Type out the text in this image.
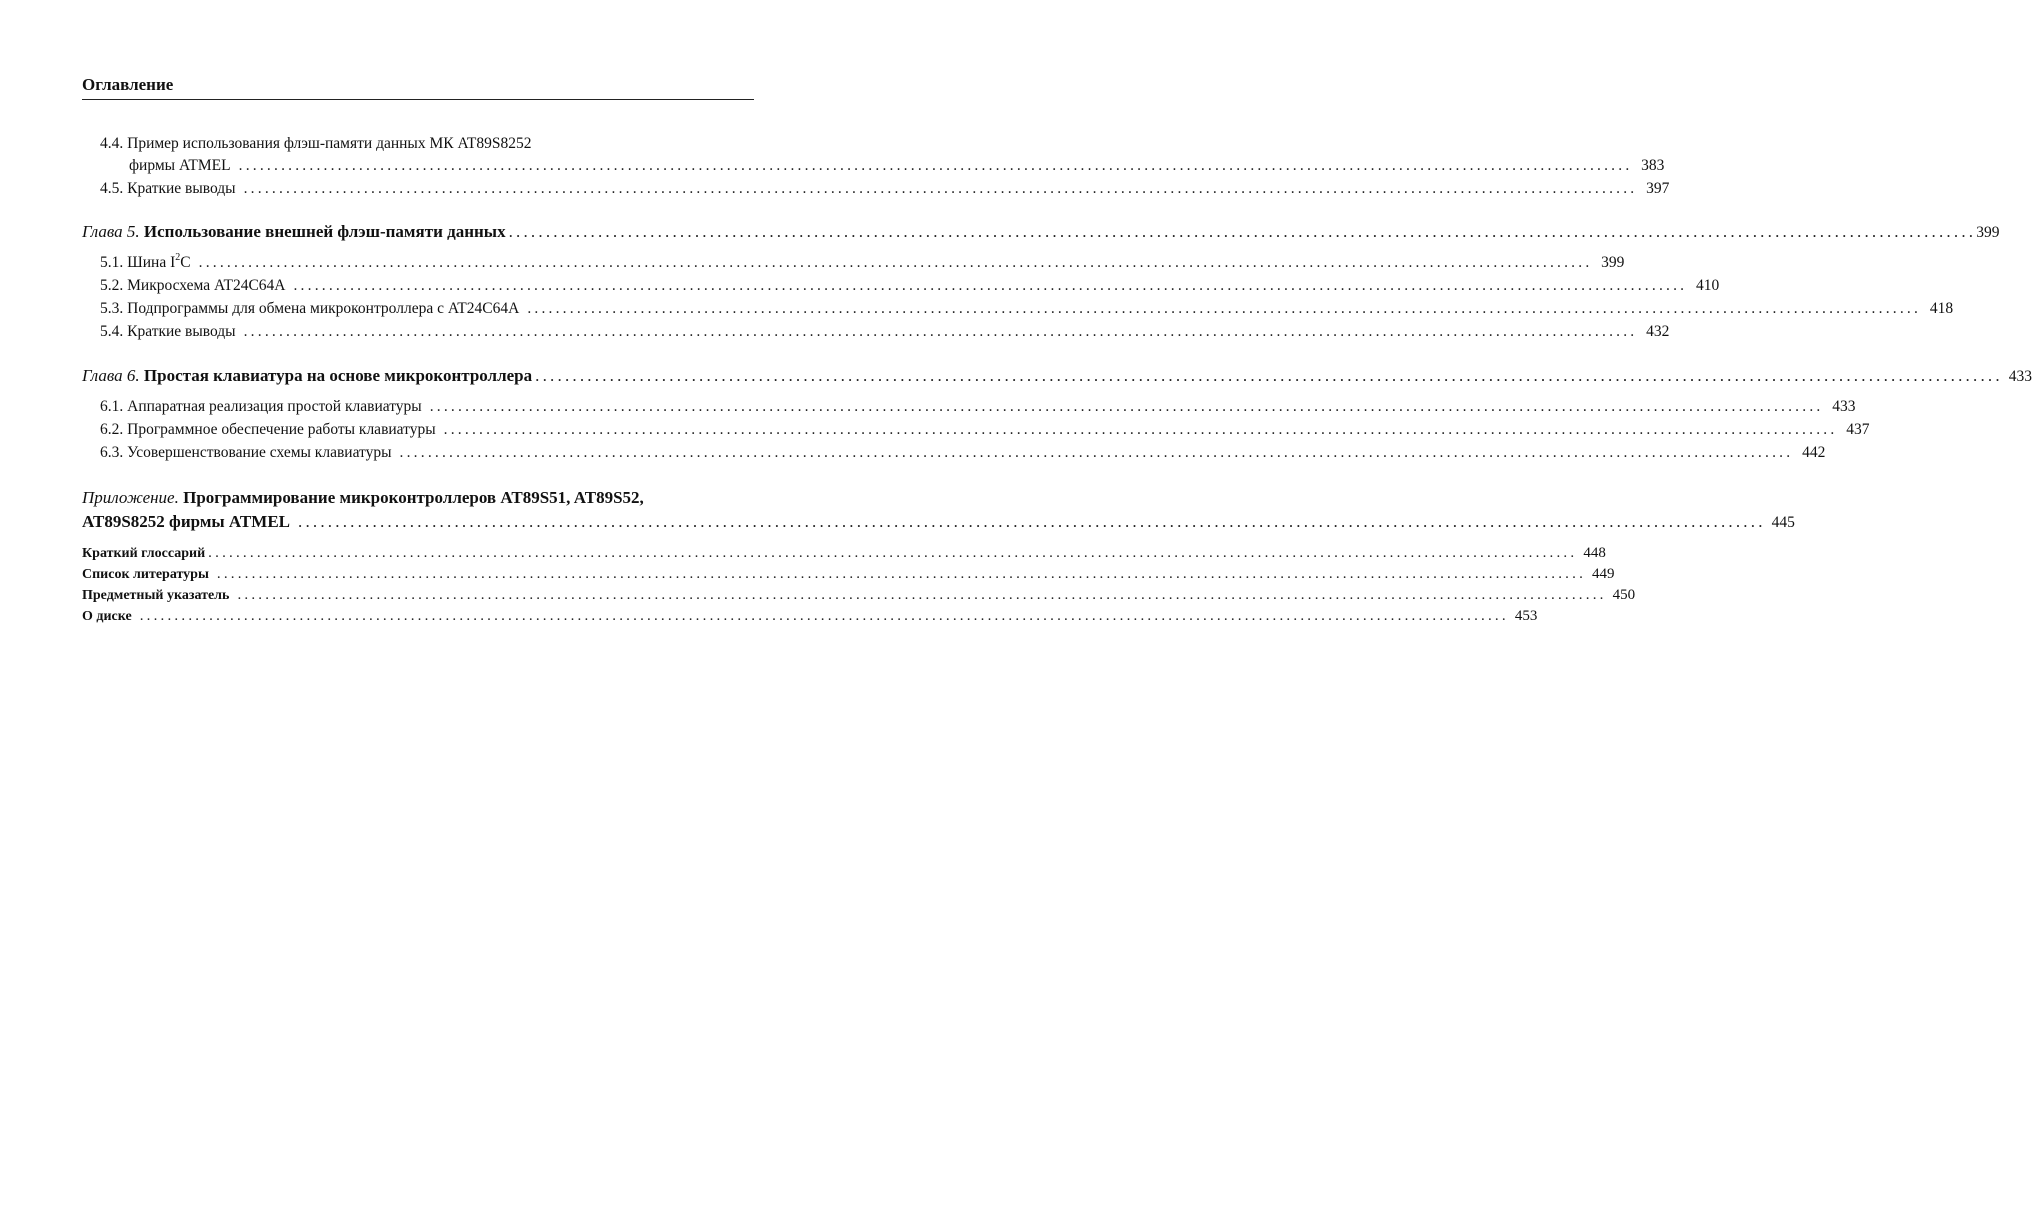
Оглавление
4.4. Пример использования флэш-памяти данных МК AT89S8252
фирмы ATMEL ..................................................................................................................................................................................................... 383
4.5. Краткие выводы ..................................................................................................................................................................................................... 397
Глава 5. Использование внешней флэш-памяти данных ..................................................................................................................................................................................................... 399
5.1. Шина $I^2C$ ..................................................................................................................................................................................................... 399
5.2. Микросхема AT24C64A ..................................................................................................................................................................................................... 410
5.3. Подпрограммы для обмена микроконтроллера с AT24C64A ..................................................................................................................................................................................................... 418
5.4. Краткие выводы ..................................................................................................................................................................................................... 432
Глава 6. Простая клавиатура на основе микроконтроллера ..................................................................................................................................................................................................... 433
6.1. Аппаратная реализация простой клавиатуры ..................................................................................................................................................................................................... 433
6.2. Программное обеспечение работы клавиатуры ..................................................................................................................................................................................................... 437
6.3. Усовершенствование схемы клавиатуры ..................................................................................................................................................................................................... 442
Приложение. Программирование микроконтроллеров AT89S51, AT89S52,
AT89S8252 фирмы ATMEL ..................................................................................................................................................................................................... 445
Краткий глоссарий ..................................................................................................................................................................................................... 448
Список литературы ..................................................................................................................................................................................................... 449
Предметный указатель ..................................................................................................................................................................................................... 450
О диске ..................................................................................................................................................................................................... 453
